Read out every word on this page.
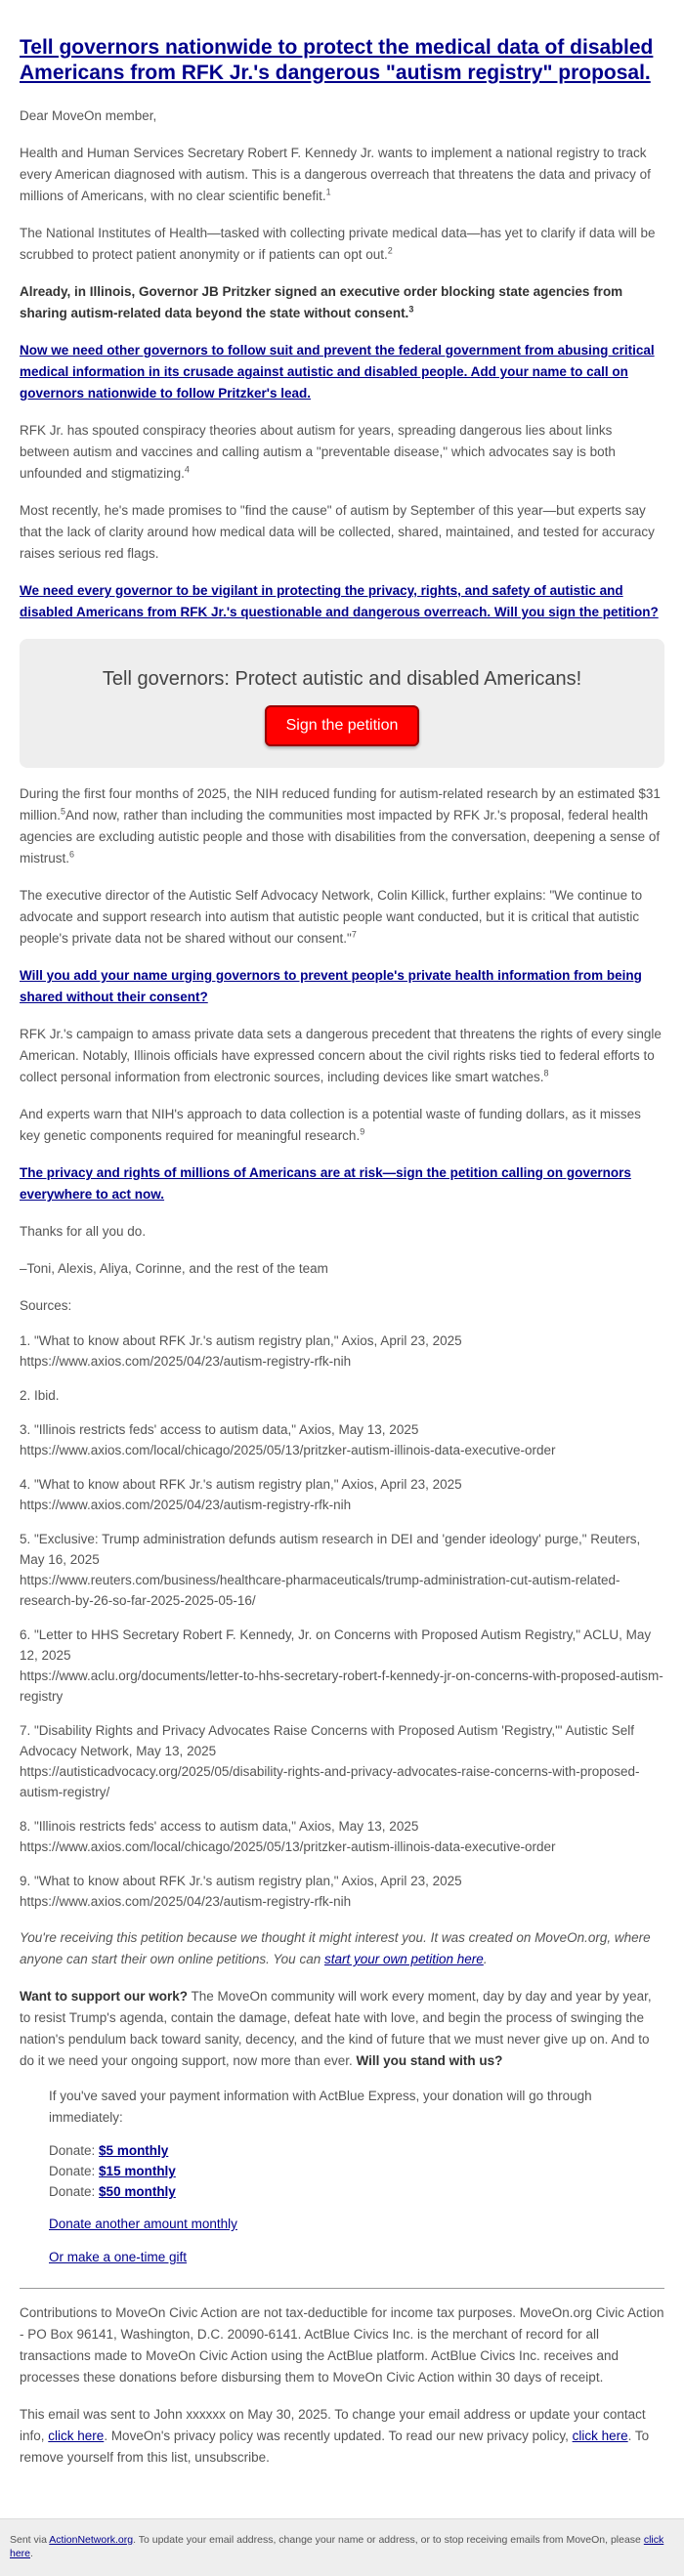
Tell governors nationwide to protect the medical data of disabled Americans from RFK Jr.'s dangerous "autism registry" proposal.

Dear MoveOn member,

Health and Human Services Secretary Robert F. Kennedy Jr. wants to implement a national registry to track every American diagnosed with autism. This is a dangerous overreach that threatens the data and privacy of millions of Americans, with no clear scientific benefit.$^1$

The National Institutes of Health—tasked with collecting private medical data—has yet to clarify if data will be scrubbed to protect patient anonymity or if patients can opt out.$^2$

Already, in Illinois, Governor JB Pritzker signed an executive order blocking state agencies from sharing autism-related data beyond the state without consent.$^3$

Now we need other governors to follow suit and prevent the federal government from abusing critical medical information in its crusade against autistic and disabled people. Add your name to call on governors nationwide to follow Pritzker's lead.

RFK Jr. has spouted conspiracy theories about autism for years, spreading dangerous lies about links between autism and vaccines and calling autism a "preventable disease," which advocates say is both unfounded and stigmatizing.$^4$

Most recently, he's made promises to "find the cause" of autism by September of this year—but experts say that the lack of clarity around how medical data will be collected, shared, maintained, and tested for accuracy raises serious red flags.

We need every governor to be vigilant in protecting the privacy, rights, and safety of autistic and disabled Americans from RFK Jr.'s questionable and dangerous overreach. Will you sign the petition?

Tell governors: Protect autistic and disabled Americans!
Sign the petition

During the first four months of 2025, the NIH reduced funding for autism-related research by an estimated $31 million.$^5$And now, rather than including the communities most impacted by RFK Jr.'s proposal, federal health agencies are excluding autistic people and those with disabilities from the conversation, deepening a sense of mistrust.$^6$

The executive director of the Autistic Self Advocacy Network, Colin Killick, further explains: "We continue to advocate and support research into autism that autistic people want conducted, but it is critical that autistic people's private data not be shared without our consent."$^7$

Will you add your name urging governors to prevent people's private health information from being shared without their consent?

RFK Jr.'s campaign to amass private data sets a dangerous precedent that threatens the rights of every single American. Notably, Illinois officials have expressed concern about the civil rights risks tied to federal efforts to collect personal information from electronic sources, including devices like smart watches.$^8$

And experts warn that NIH's approach to data collection is a potential waste of funding dollars, as it misses key genetic components required for meaningful research.$^9$

The privacy and rights of millions of Americans are at risk—sign the petition calling on governors everywhere to act now.

Thanks for all you do.

–Toni, Alexis, Aliya, Corinne, and the rest of the team

Sources:

1. "What to know about RFK Jr.'s autism registry plan," Axios, April 23, 2025
https://www.axios.com/2025/04/23/autism-registry-rfk-nih
2. Ibid.
3. "Illinois restricts feds' access to autism data," Axios, May 13, 2025
https://www.axios.com/local/chicago/2025/05/13/pritzker-autism-illinois-data-executive-order
4. "What to know about RFK Jr.'s autism registry plan," Axios, April 23, 2025
https://www.axios.com/2025/04/23/autism-registry-rfk-nih
5. "Exclusive: Trump administration defunds autism research in DEI and 'gender ideology' purge," Reuters, May 16, 2025
https://www.reuters.com/business/healthcare-pharmaceuticals/trump-administration-cut-autism-related-research-by-26-so-far-2025-2025-05-16/
6. "Letter to HHS Secretary Robert F. Kennedy, Jr. on Concerns with Proposed Autism Registry," ACLU, May 12, 2025
https://www.aclu.org/documents/letter-to-hhs-secretary-robert-f-kennedy-jr-on-concerns-with-proposed-autism-registry
7. "Disability Rights and Privacy Advocates Raise Concerns with Proposed Autism 'Registry,'" Autistic Self Advocacy Network, May 13, 2025
https://autisticadvocacy.org/2025/05/disability-rights-and-privacy-advocates-raise-concerns-with-proposed-autism-registry/
8. "Illinois restricts feds' access to autism data," Axios, May 13, 2025
https://www.axios.com/local/chicago/2025/05/13/pritzker-autism-illinois-data-executive-order
9. "What to know about RFK Jr.'s autism registry plan," Axios, April 23, 2025
https://www.axios.com/2025/04/23/autism-registry-rfk-nih

You're receiving this petition because we thought it might interest you. It was created on MoveOn.org, where anyone can start their own online petitions. You can start your own petition here.

Want to support our work? The MoveOn community will work every moment, day by day and year by year, to resist Trump's agenda, contain the damage, defeat hate with love, and begin the process of swinging the nation's pendulum back toward sanity, decency, and the kind of future that we must never give up on. And to do it we need your ongoing support, now more than ever. Will you stand with us?

If you've saved your payment information with ActBlue Express, your donation will go through immediately:

Donate: $5 monthly
Donate: $15 monthly
Donate: $50 monthly

Donate another amount monthly

Or make a one-time gift

Contributions to MoveOn Civic Action are not tax-deductible for income tax purposes. MoveOn.org Civic Action - PO Box 96141, Washington, D.C. 20090-6141. ActBlue Civics Inc. is the merchant of record for all transactions made to MoveOn Civic Action using the ActBlue platform. ActBlue Civics Inc. receives and processes these donations before disbursing them to MoveOn Civic Action within 30 days of receipt.

This email was sent to John xxxxxx on May 30, 2025. To change your email address or update your contact info, click here. MoveOn's privacy policy was recently updated. To read our new privacy policy, click here. To remove yourself from this list, unsubscribe.

Sent via ActionNetwork.org. To update your email address, change your name or address, or to stop receiving emails from MoveOn, please click here.
